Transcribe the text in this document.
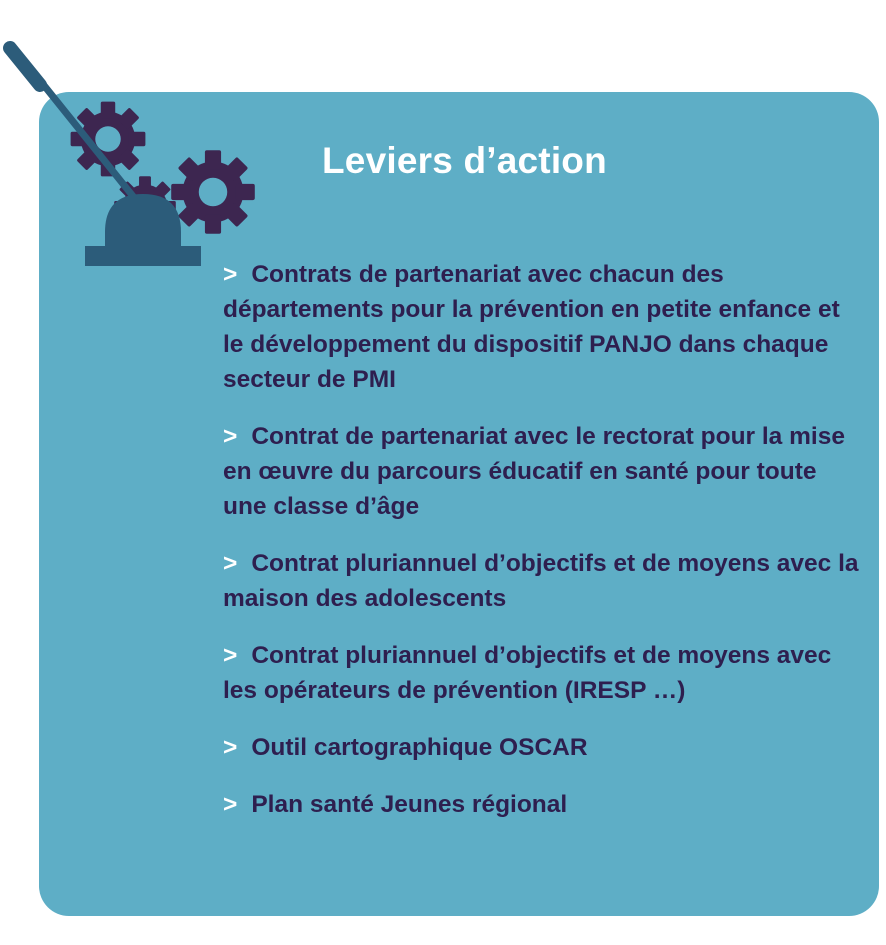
Leviers d’action
> Contrats de partenariat avec chacun des départements pour la prévention en petite enfance et le développement du dispositif PANJO dans chaque secteur de PMI
> Contrat de partenariat avec le rectorat pour la mise en œuvre du parcours éducatif en santé pour toute une classe d’âge
> Contrat pluriannuel d’objectifs et de moyens avec la maison des adolescents
> Contrat pluriannuel d’objectifs et de moyens avec les opérateurs de prévention (IRESP …)
> Outil cartographique OSCAR
> Plan santé Jeunes régional
